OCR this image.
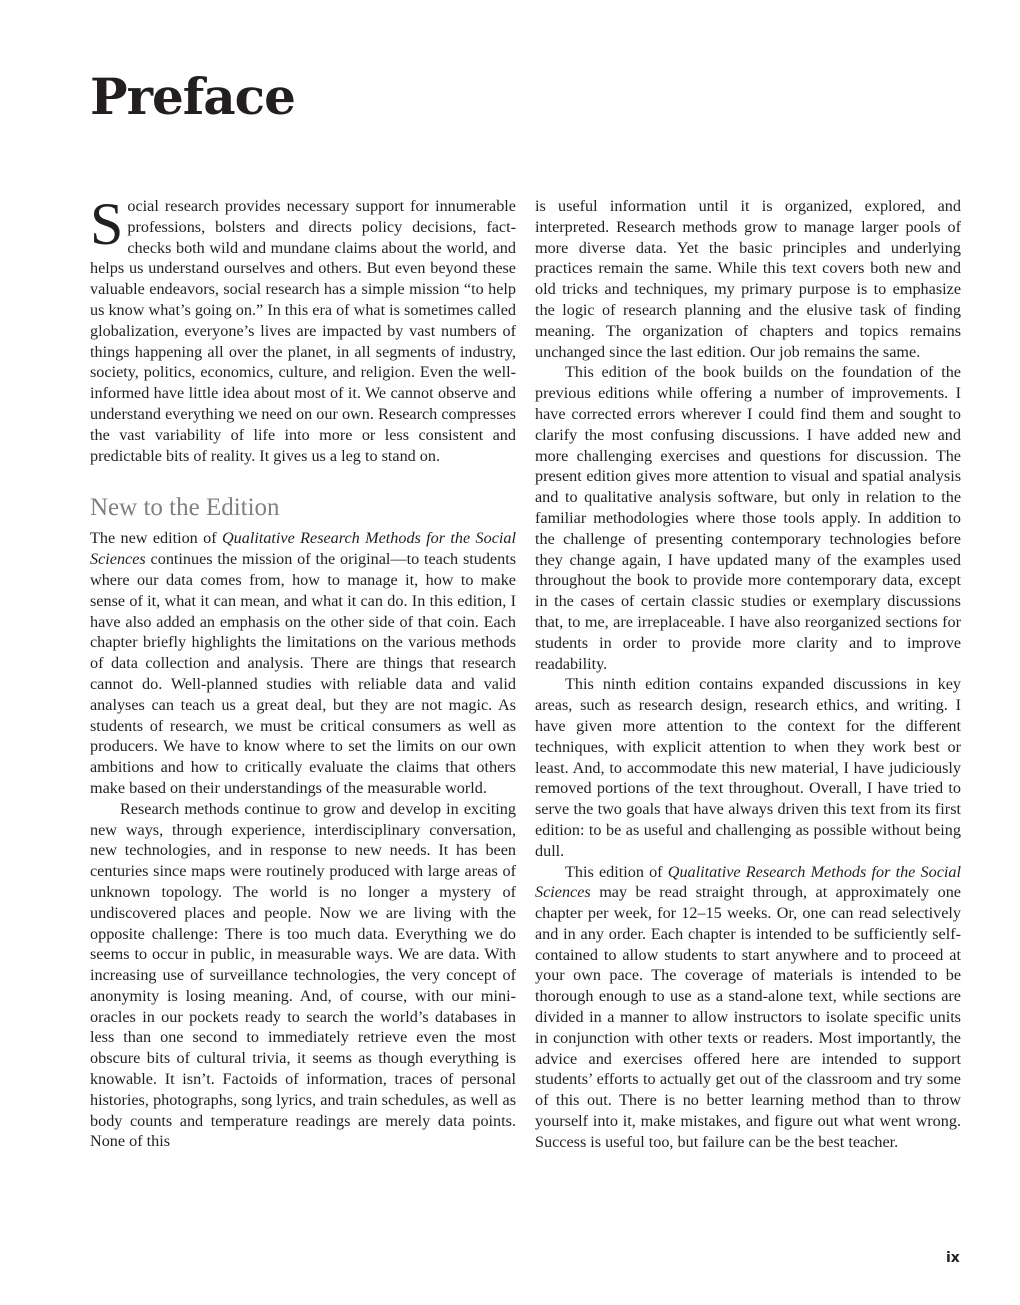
Preface

Social research provides necessary support for innumerable professions, bolsters and directs policy decisions, fact-checks both wild and mundane claims about the world, and helps us understand ourselves and others. But even beyond these valuable endeavors, social research has a simple mission “to help us know what’s going on.” In this era of what is sometimes called globalization, everyone’s lives are impacted by vast numbers of things happening all over the planet, in all segments of industry, society, politics, economics, culture, and religion. Even the well-informed have little idea about most of it. We cannot observe and understand everything we need on our own. Research compresses the vast variability of life into more or less consistent and predictable bits of reality. It gives us a leg to stand on.

New to the Edition

The new edition of Qualitative Research Methods for the Social Sciences continues the mission of the original—to teach students where our data comes from, how to manage it, how to make sense of it, what it can mean, and what it can do. In this edition, I have also added an emphasis on the other side of that coin. Each chapter briefly highlights the limitations on the various methods of data collection and analysis. There are things that research cannot do. Well-planned studies with reliable data and valid analyses can teach us a great deal, but they are not magic. As students of research, we must be critical consumers as well as producers. We have to know where to set the limits on our own ambitions and how to critically evaluate the claims that others make based on their understandings of the measurable world.

Research methods continue to grow and develop in exciting new ways, through experience, interdisciplinary conversation, new technologies, and in response to new needs. It has been centuries since maps were routinely produced with large areas of unknown topology. The world is no longer a mystery of undiscovered places and people. Now we are living with the opposite challenge: There is too much data. Everything we do seems to occur in public, in measurable ways. We are data. With increasing use of surveillance technologies, the very concept of anonymity is losing meaning. And, of course, with our mini-oracles in our pockets ready to search the world’s databases in less than one second to immediately retrieve even the most obscure bits of cultural trivia, it seems as though everything is knowable. It isn’t. Factoids of information, traces of personal histories, photographs, song lyrics, and train schedules, as well as body counts and temperature readings are merely data points. None of this

is useful information until it is organized, explored, and interpreted. Research methods grow to manage larger pools of more diverse data. Yet the basic principles and underlying practices remain the same. While this text covers both new and old tricks and techniques, my primary purpose is to emphasize the logic of research planning and the elusive task of finding meaning. The organization of chapters and topics remains unchanged since the last edition. Our job remains the same.

This edition of the book builds on the foundation of the previous editions while offering a number of improvements. I have corrected errors wherever I could find them and sought to clarify the most confusing discussions. I have added new and more challenging exercises and questions for discussion. The present edition gives more attention to visual and spatial analysis and to qualitative analysis software, but only in relation to the familiar methodologies where those tools apply. In addition to the challenge of presenting contemporary technologies before they change again, I have updated many of the examples used throughout the book to provide more contemporary data, except in the cases of certain classic studies or exemplary discussions that, to me, are irreplaceable. I have also reorganized sections for students in order to provide more clarity and to improve readability.

This ninth edition contains expanded discussions in key areas, such as research design, research ethics, and writing. I have given more attention to the context for the different techniques, with explicit attention to when they work best or least. And, to accommodate this new material, I have judiciously removed portions of the text throughout. Overall, I have tried to serve the two goals that have always driven this text from its first edition: to be as useful and challenging as possible without being dull.

This edition of Qualitative Research Methods for the Social Sciences may be read straight through, at approximately one chapter per week, for 12–15 weeks. Or, one can read selectively and in any order. Each chapter is intended to be sufficiently self-contained to allow students to start anywhere and to proceed at your own pace. The coverage of materials is intended to be thorough enough to use as a stand-alone text, while sections are divided in a manner to allow instructors to isolate specific units in conjunction with other texts or readers. Most importantly, the advice and exercises offered here are intended to support students’ efforts to actually get out of the classroom and try some of this out. There is no better learning method than to throw yourself into it, make mistakes, and figure out what went wrong. Success is useful too, but failure can be the best teacher.

ix
